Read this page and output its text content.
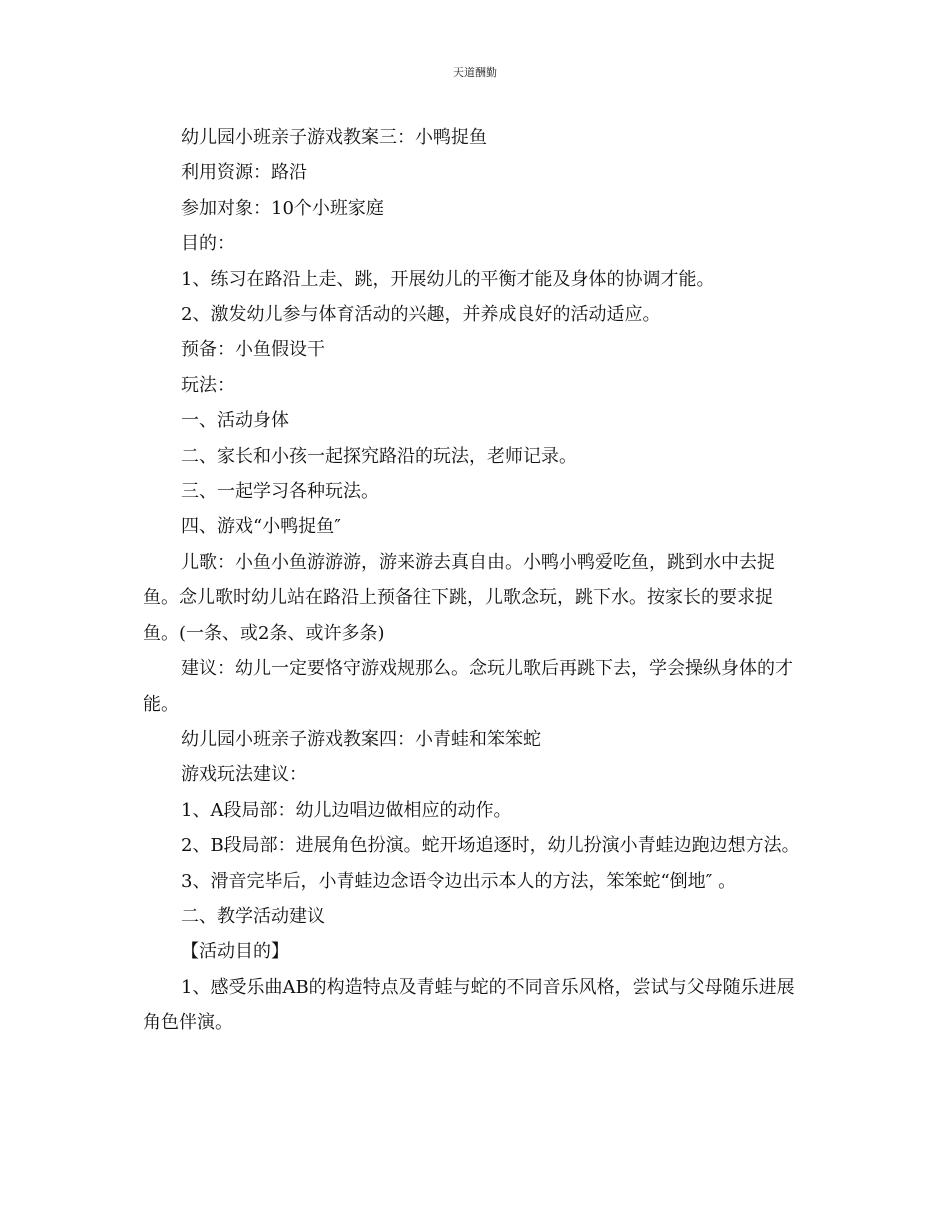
天道酬勤

幼儿园小班亲子游戏教案三：小鸭捉鱼

利用资源：路沿

参加对象：10个小班家庭

目的：

1、练习在路沿上走、跳，开展幼儿的平衡才能及身体的协调才能。

2、激发幼儿参与体育活动的兴趣，并养成良好的活动适应。

预备：小鱼假设干

玩法：

一、活动身体

二、家长和小孩一起探究路沿的玩法，老师记录。

三、一起学习各种玩法。

四、游戏“小鸭捉鱼″

儿歌：小鱼小鱼游游游，游来游去真自由。小鸭小鸭爱吃鱼，跳到水中去捉鱼。念儿歌时幼儿站在路沿上预备往下跳，儿歌念玩，跳下水。按家长的要求捉鱼。(一条、或2条、或许多条)

建议：幼儿一定要恪守游戏规那么。念玩儿歌后再跳下去，学会操纵身体的才能。

幼儿园小班亲子游戏教案四：小青蛙和笨笨蛇

游戏玩法建议：

1、A段局部：幼儿边唱边做相应的动作。

2、B段局部：进展角色扮演。蛇开场追逐时，幼儿扮演小青蛙边跑边想方法。

3、滑音完毕后，小青蛙边念语令边出示本人的方法，笨笨蛇“倒地″ 。

二、教学活动建议

【活动目的】

1、感受乐曲AB的构造特点及青蛙与蛇的不同音乐风格，尝试与父母随乐进展角色伴演。
